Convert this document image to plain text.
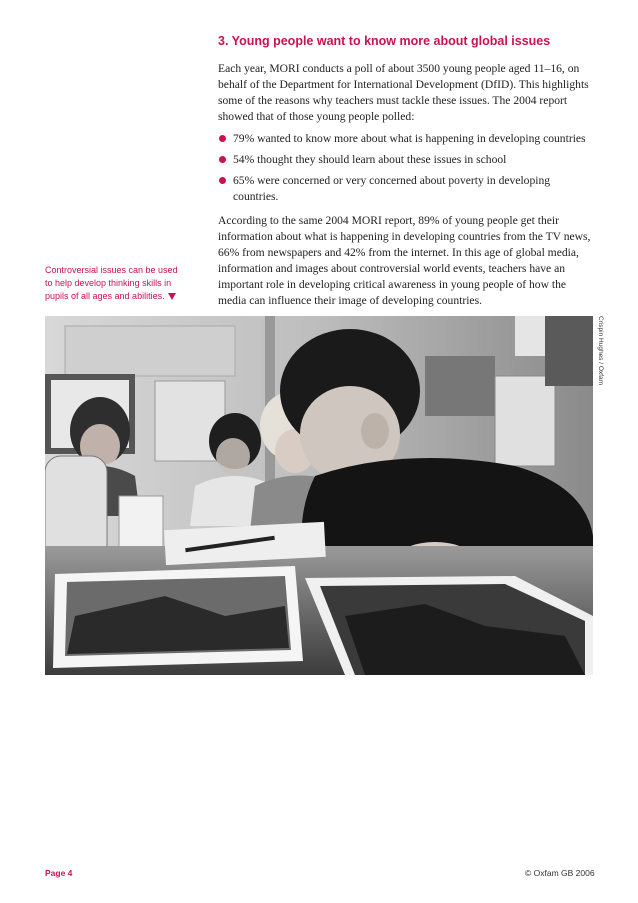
3. Young people want to know more about global issues

Each year, MORI conducts a poll of about 3500 young people aged 11–16, on behalf of the Department for International Development (DfID). This highlights some of the reasons why teachers must tackle these issues. The 2004 report showed that of those young people polled:

79% wanted to know more about what is happening in developing countries
54% thought they should learn about these issues in school
65% were concerned or very concerned about poverty in developing countries.

According to the same 2004 MORI report, 89% of young people get their information about what is happening in developing countries from the TV news, 66% from newspapers and 42% from the internet. In this age of global media, information and images about controversial world events, teachers have an important role in developing critical awareness in young people of how the media can influence their image of developing countries.

Controversial issues can be used to help develop thinking skills in pupils of all ages and abilities.
Crispin Hughes / Oxfam
Page 4	© Oxfam GB 2006
